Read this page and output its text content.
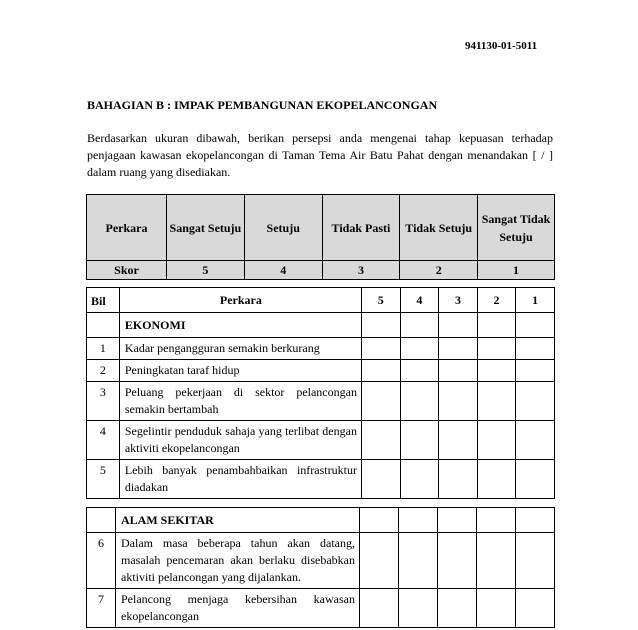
941130-01-5011
BAHAGIAN B : IMPAK PEMBANGUNAN EKOPELANCONGAN
Berdasarkan ukuran dibawah, berikan persepsi anda mengenai tahap kepuasan terhadap penjagaan kawasan ekopelancongan di Taman Tema Air Batu Pahat dengan menandakan [ / ] dalam ruang yang disediakan.
Perkara	Sangat Setuju	Setuju	Tidak Pasti	Tidak Setuju	Sangat Tidak Setuju
Skor	5	4	3	2	1
Bil	Perkara	5	4	3	2	1
	EKONOMI					
1	Kadar pengangguran semakin berkurang					
2	Peningkatan taraf hidup					
3	Peluang pekerjaan di sektor pelancongan semakin bertambah					
4	Segelintir penduduk sahaja yang terlibat dengan aktiviti ekopelancongan					
5	Lebih banyak penambahbaikan infrastruktur diadakan					
	ALAM SEKITAR					
6	Dalam masa beberapa tahun akan datang, masalah pencemaran akan berlaku disebabkan aktiviti pelancongan yang dijalankan.					
7	Pelancong menjaga kebersihan kawasan ekopelancongan					
